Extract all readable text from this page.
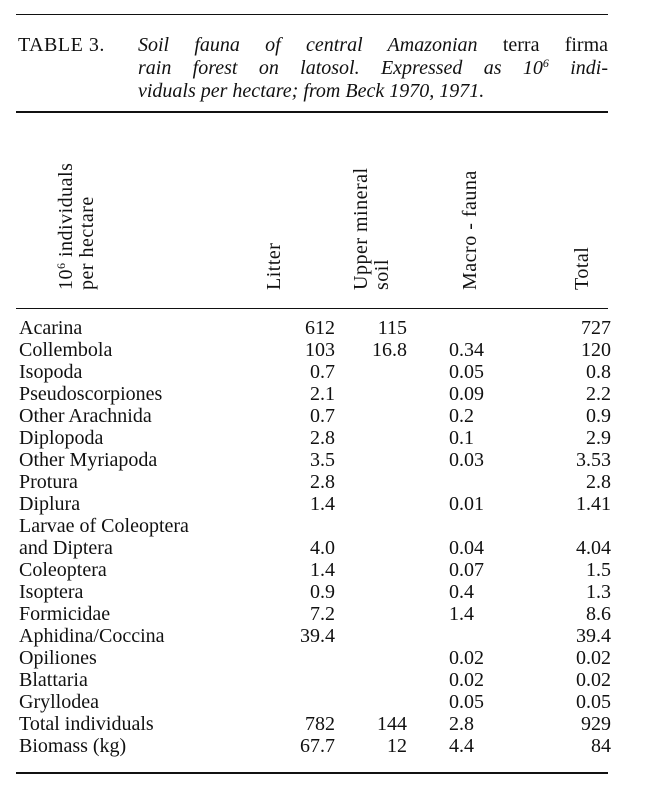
TABLE 3. Soil fauna of central Amazonian terra firma
rain forest on latosol. Expressed as $10^6$ indi-
viduals per hectare; from Beck 1970, 1971.
$10^6$ individuals per hectare	Litter	Upper mineral soil	Macro - fauna	Total
Acarina	612	115			727
Collembola	103	16.8		0.34	120
Isopoda	0.7			0.05	0.8
Pseudoscorpiones	2.1			0.09	2.2
Other Arachnida	0.7			0.2	0.9
Diplopoda	2.8			0.1	2.9
Other Myriapoda	3.5			0.03	3.53
Protura	2.8				2.8
Diplura	1.4			0.01	1.41
Larvae of Coleoptera					
and Diptera	4.0			0.04	4.04
Coleoptera	1.4			0.07	1.5
Isoptera	0.9			0.4	1.3
Formicidae	7.2			1.4	8.6
Aphidina/Coccina	39.4				39.4
Opiliones				0.02	0.02
Blattaria				0.02	0.02
Gryllodea				0.05	0.05
Total individuals	782	144		2.8	929
Biomass (kg)	67.7	12		4.4	84
